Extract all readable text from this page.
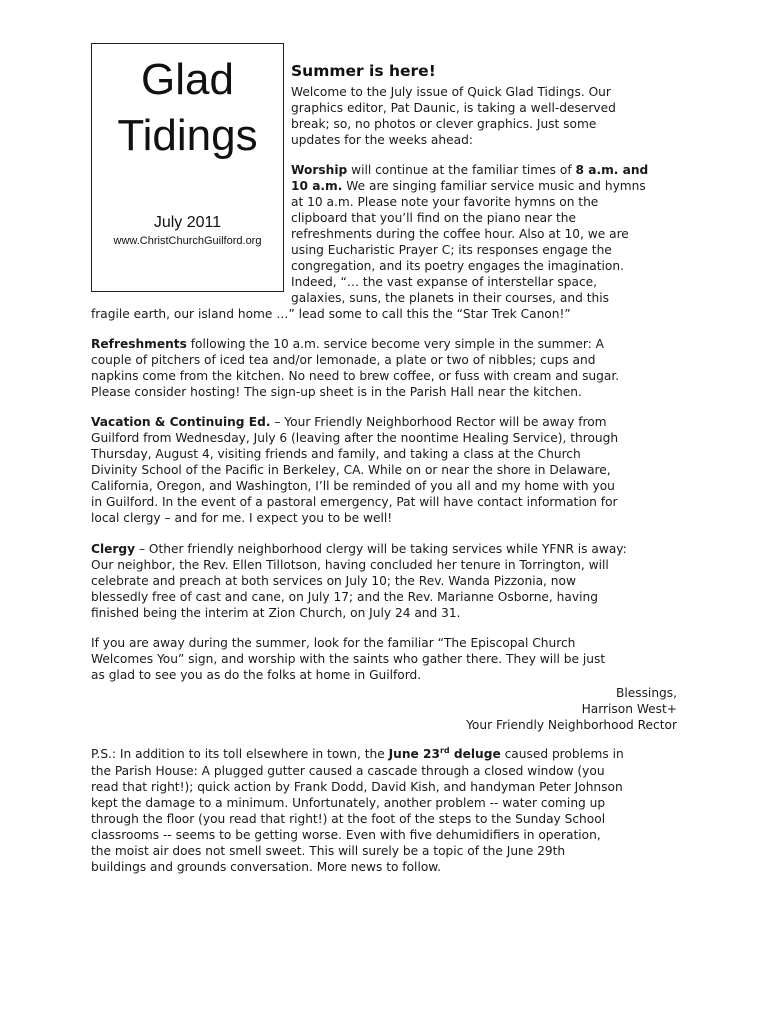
Glad
Tidings
July 2011
www.ChristChurchGuilford.org
Summer is here!
Welcome to the July issue of Quick Glad Tidings. Our
graphics editor, Pat Daunic, is taking a well-deserved
break; so, no photos or clever graphics. Just some
updates for the weeks ahead:
Worship will continue at the familiar times of 8 a.m. and
10 a.m. We are singing familiar service music and hymns
at 10 a.m. Please note your favorite hymns on the
clipboard that you’ll find on the piano near the
refreshments during the coffee hour. Also at 10, we are
using Eucharistic Prayer C; its responses engage the
congregation, and its poetry engages the imagination.
Indeed, “… the vast expanse of interstellar space,
galaxies, suns, the planets in their courses, and this
fragile earth, our island home …” lead some to call this the “Star Trek Canon!”
Refreshments following the 10 a.m. service become very simple in the summer: A
couple of pitchers of iced tea and/or lemonade, a plate or two of nibbles; cups and
napkins come from the kitchen. No need to brew coffee, or fuss with cream and sugar.
Please consider hosting! The sign-up sheet is in the Parish Hall near the kitchen.
Vacation & Continuing Ed. – Your Friendly Neighborhood Rector will be away from
Guilford from Wednesday, July 6 (leaving after the noontime Healing Service), through
Thursday, August 4, visiting friends and family, and taking a class at the Church
Divinity School of the Pacific in Berkeley, CA. While on or near the shore in Delaware,
California, Oregon, and Washington, I’ll be reminded of you all and my home with you
in Guilford. In the event of a pastoral emergency, Pat will have contact information for
local clergy – and for me. I expect you to be well!
Clergy – Other friendly neighborhood clergy will be taking services while YFNR is away:
Our neighbor, the Rev. Ellen Tillotson, having concluded her tenure in Torrington, will
celebrate and preach at both services on July 10; the Rev. Wanda Pizzonia, now
blessedly free of cast and cane, on July 17; and the Rev. Marianne Osborne, having
finished being the interim at Zion Church, on July 24 and 31.
If you are away during the summer, look for the familiar “The Episcopal Church
Welcomes You” sign, and worship with the saints who gather there. They will be just
as glad to see you as do the folks at home in Guilford.
Blessings,
Harrison West+
Your Friendly Neighborhood Rector
P.S.: In addition to its toll elsewhere in town, the June 23rd deluge caused problems in
the Parish House: A plugged gutter caused a cascade through a closed window (you
read that right!); quick action by Frank Dodd, David Kish, and handyman Peter Johnson
kept the damage to a minimum. Unfortunately, another problem -- water coming up
through the floor (you read that right!) at the foot of the steps to the Sunday School
classrooms -- seems to be getting worse. Even with five dehumidifiers in operation,
the moist air does not smell sweet. This will surely be a topic of the June 29th
buildings and grounds conversation. More news to follow.
